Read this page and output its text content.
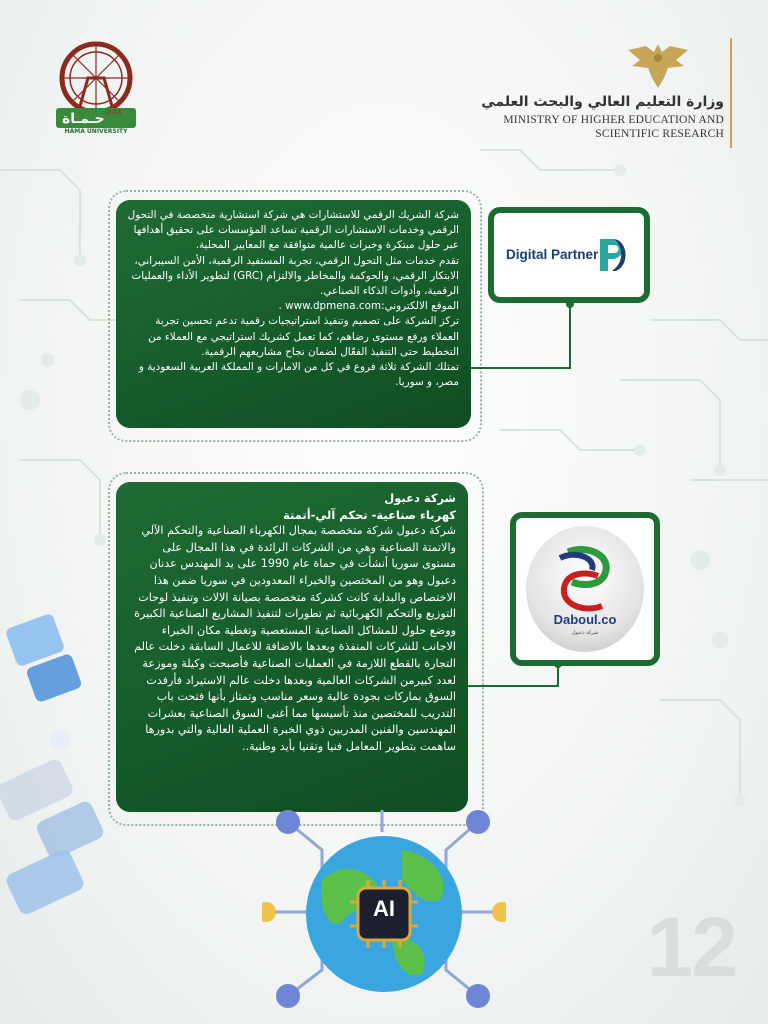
حـمـاة 2014
HAMA UNIVERSITY
وزارة التعليم العالي والبحث العلمي
MINISTRY OF HIGHER EDUCATION AND
SCIENTIFIC RESEARCH

شركة الشريك الرقمي للاستشارات هي شركة استشارية متخصصة في التحول الرقمي وخدمات الاستشارات الرقمية تساعد المؤسسات على تحقيق أهدافها عبر حلول مبتكرة وخبرات عالمية متوافقة مع المعايير المحلية.

تقدم خدمات مثل التحول الرقمي، تجربة المستفيد الرقمية، الأمن السيبراني، الابتكار الرقمي، والحوكمة والمخاطر والالتزام (GRC) لتطوير الأداء والعمليات الرقمية، وأدوات الذكاء الصناعي.

الموقع الالكتروني:www.dpmena.com .

تركز الشركة على تصميم وتنفيذ استراتيجيات رقمية تدعم تحسين تجربة العملاء ورفع مستوى رضاهم، كما تعمل كشريك استراتيجي مع العملاء من التخطيط حتى التنفيذ الفعّال لضمان نجاح مشاريعهم الرقمية.

تمتلك الشركة ثلاثة فروع في كل من الامارات و المملكة العربية السعودية و مصر، و سوريا.

Digital Partner

شركة دعبول

كهرباء صناعية- تحكم آلي-أتمتة

شركة دعبول شركة متخصصة بمجال الكهرباء الصناعية والتحكم الآلي والاتمتة الصناعية وهي من الشركات الرائدة في هذا المجال على مستوى سوريا أنشأت في حماة عام 1990 على يد المهندس عدنان دعبول وهو من المختصين والخبراء المعدودين في سوريا ضمن هذا الاختصاص والبداية كانت كشركة متخصصة بصيانة الالات وتنفيذ لوحات التوزيع والتحكم الكهربائية ثم تطورات لتنفيذ المشاريع الصناعية الكبيرة ووضع حلول للمشاكل الصناعية المستعصية وتغطية مكان الخبراء الاجانب للشركات المنفذة وبعدها بالاضافة للاعمال السابقة دخلت عالم التجارة بالقطع اللازمة في العمليات الصناعية فأصبحت وكيلة وموزعة لعدد كبيرمن الشركات العالمية وبعدها دخلت عالم الاستيراد فأرفدت السوق بماركات بجودة عالية وسعر مناسب وتمتاز بأنها فتحت باب التدريب للمختصين منذ تأسيسها مما أغنى السوق الصناعية بعشرات المهندسين والفنين المدربين ذوي الخبرة العملية العالية والتي بدورها ساهمت بتطوير المعامل فنيا وتقنيا بأيد وطنية..

Daboul.co
شركة دعبول
AI	12
